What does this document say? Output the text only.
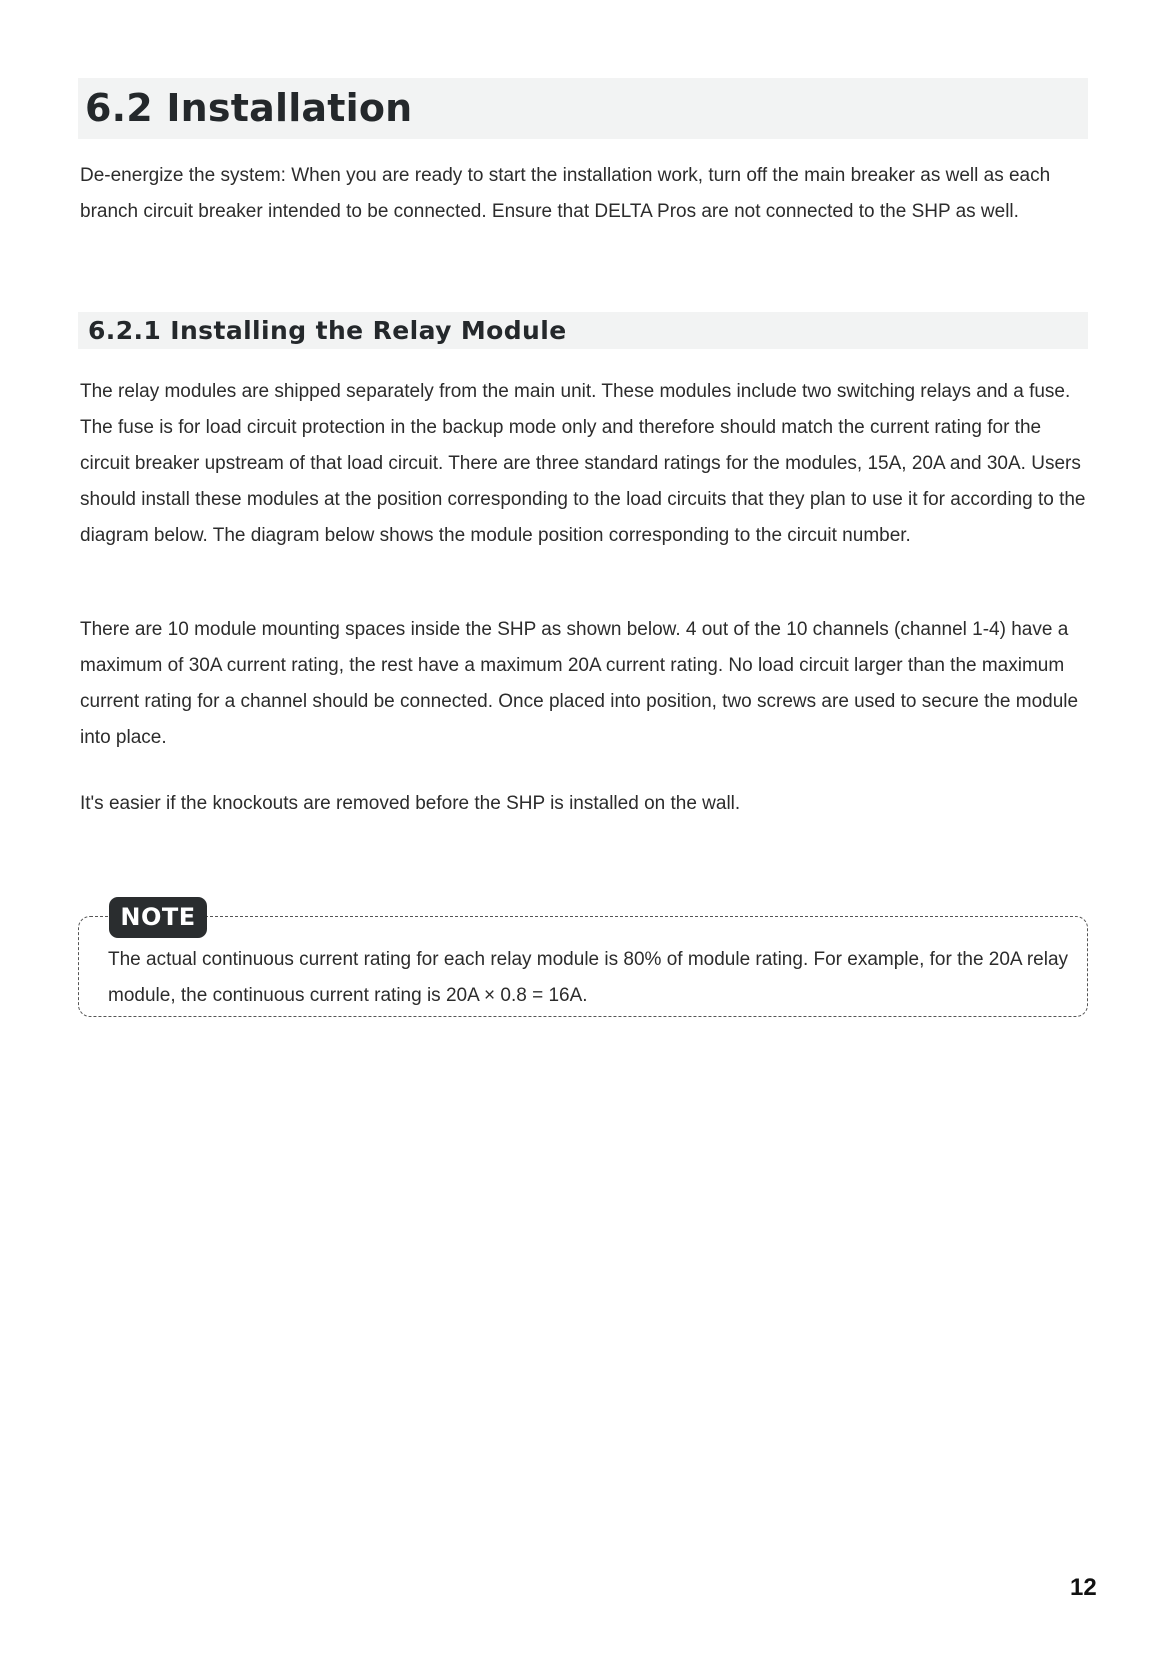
6.2 Installation

De-energize the system: When you are ready to start the installation work, turn off the main breaker as well as each branch circuit breaker intended to be connected. Ensure that DELTA Pros are not connected to the SHP as well.

6.2.1 Installing the Relay Module

The relay modules are shipped separately from the main unit. These modules include two switching relays and a fuse. The fuse is for load circuit protection in the backup mode only and therefore should match the current rating for the circuit breaker upstream of that load circuit. There are three standard ratings for the modules, 15A, 20A and 30A. Users should install these modules at the position corresponding to the load circuits that they plan to use it for according to the diagram below. The diagram below shows the module position corresponding to the circuit number.

There are 10 module mounting spaces inside the SHP as shown below. 4 out of the 10 channels (channel 1-4) have a maximum of 30A current rating, the rest have a maximum 20A current rating. No load circuit larger than the maximum current rating for a channel should be connected. Once placed into position, two screws are used to secure the module into place.

It's easier if the knockouts are removed before the SHP is installed on the wall.

NOTE

The actual continuous current rating for each relay module is 80% of module rating. For example, for the 20A relay module, the continuous current rating is 20A × 0.8 = 16A.

12
